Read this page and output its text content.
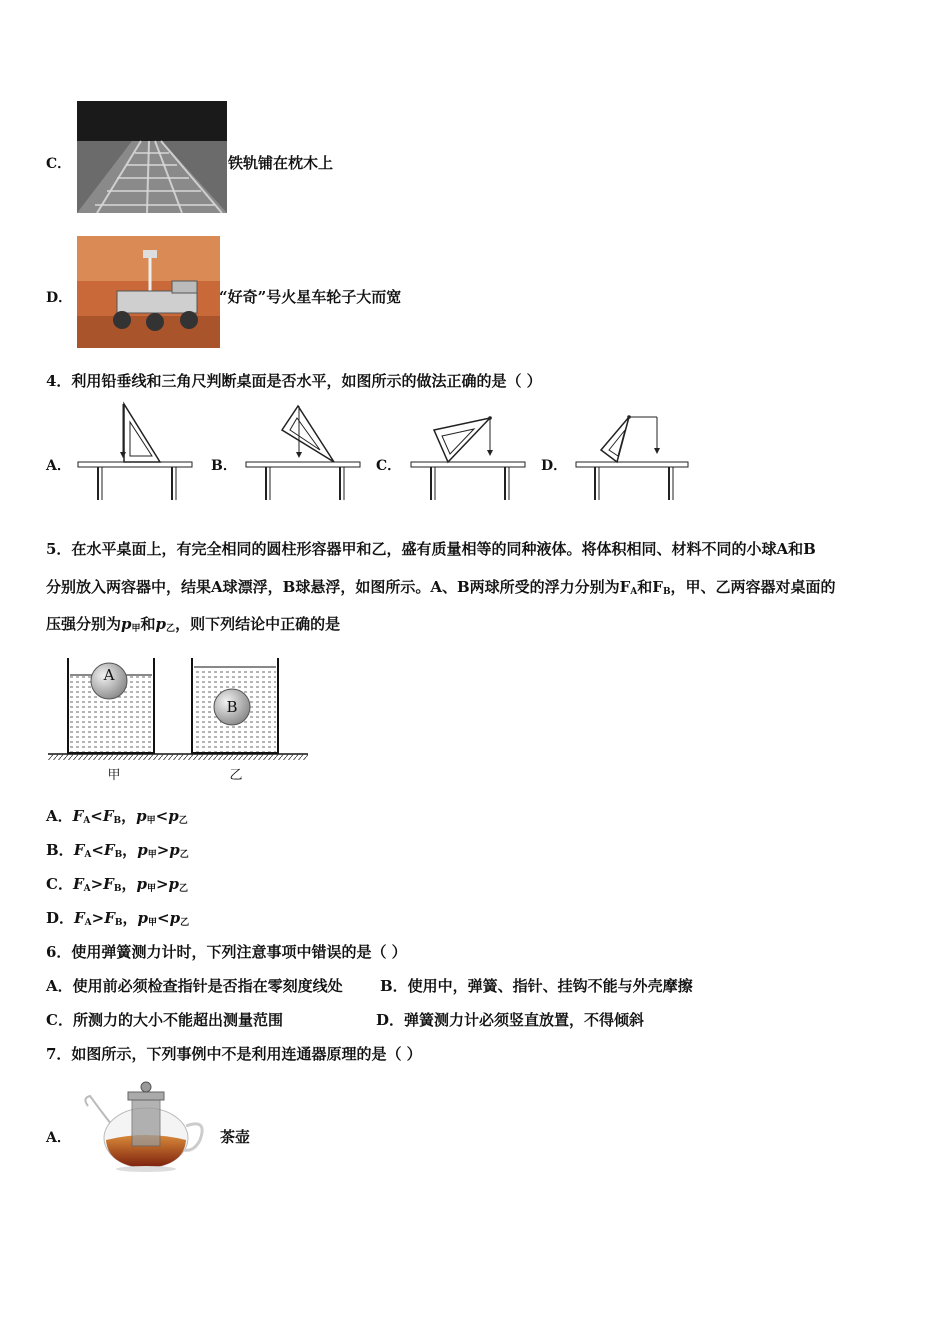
C．	铁轨铺在枕木上
D．	“好奇”号火星车轮子大而宽
4．利用铅垂线和三角尺判断桌面是否水平，如图所示的做法正确的是（ ）
A．	B．	C．	D．
5．在水平桌面上，有完全相同的圆柱形容器甲和乙，盛有质量相等的同种液体。将体积相同、材料不同的小球A和B
分别放入两容器中，结果A球漂浮，B球悬浮，如图所示。A、B两球所受的浮力分别为$F_A$和$F_B$，甲、乙两容器对桌面的
压强分别为$p_甲$和$p_乙$，则下列结论中正确的是
A
B
甲	乙
A．$F_A<F_B$，$p_甲<p_乙$
B．$F_A<F_B$，$p_甲>p_乙$
C．$F_A>F_B$，$p_甲>p_乙$
D．$F_A>F_B$，$p_甲<p_乙$
6．使用弹簧测力计时，下列注意事项中错误的是（ ）
A．使用前必须检查指针是否指在零刻度线处 B．使用中，弹簧、指针、挂钩不能与外壳摩擦
C．所测力的大小不能超出测量范围	D．弹簧测力计必须竖直放置，不得倾斜
7．如图所示，下列事例中不是利用连通器原理的是（ ）
A．	茶壶
